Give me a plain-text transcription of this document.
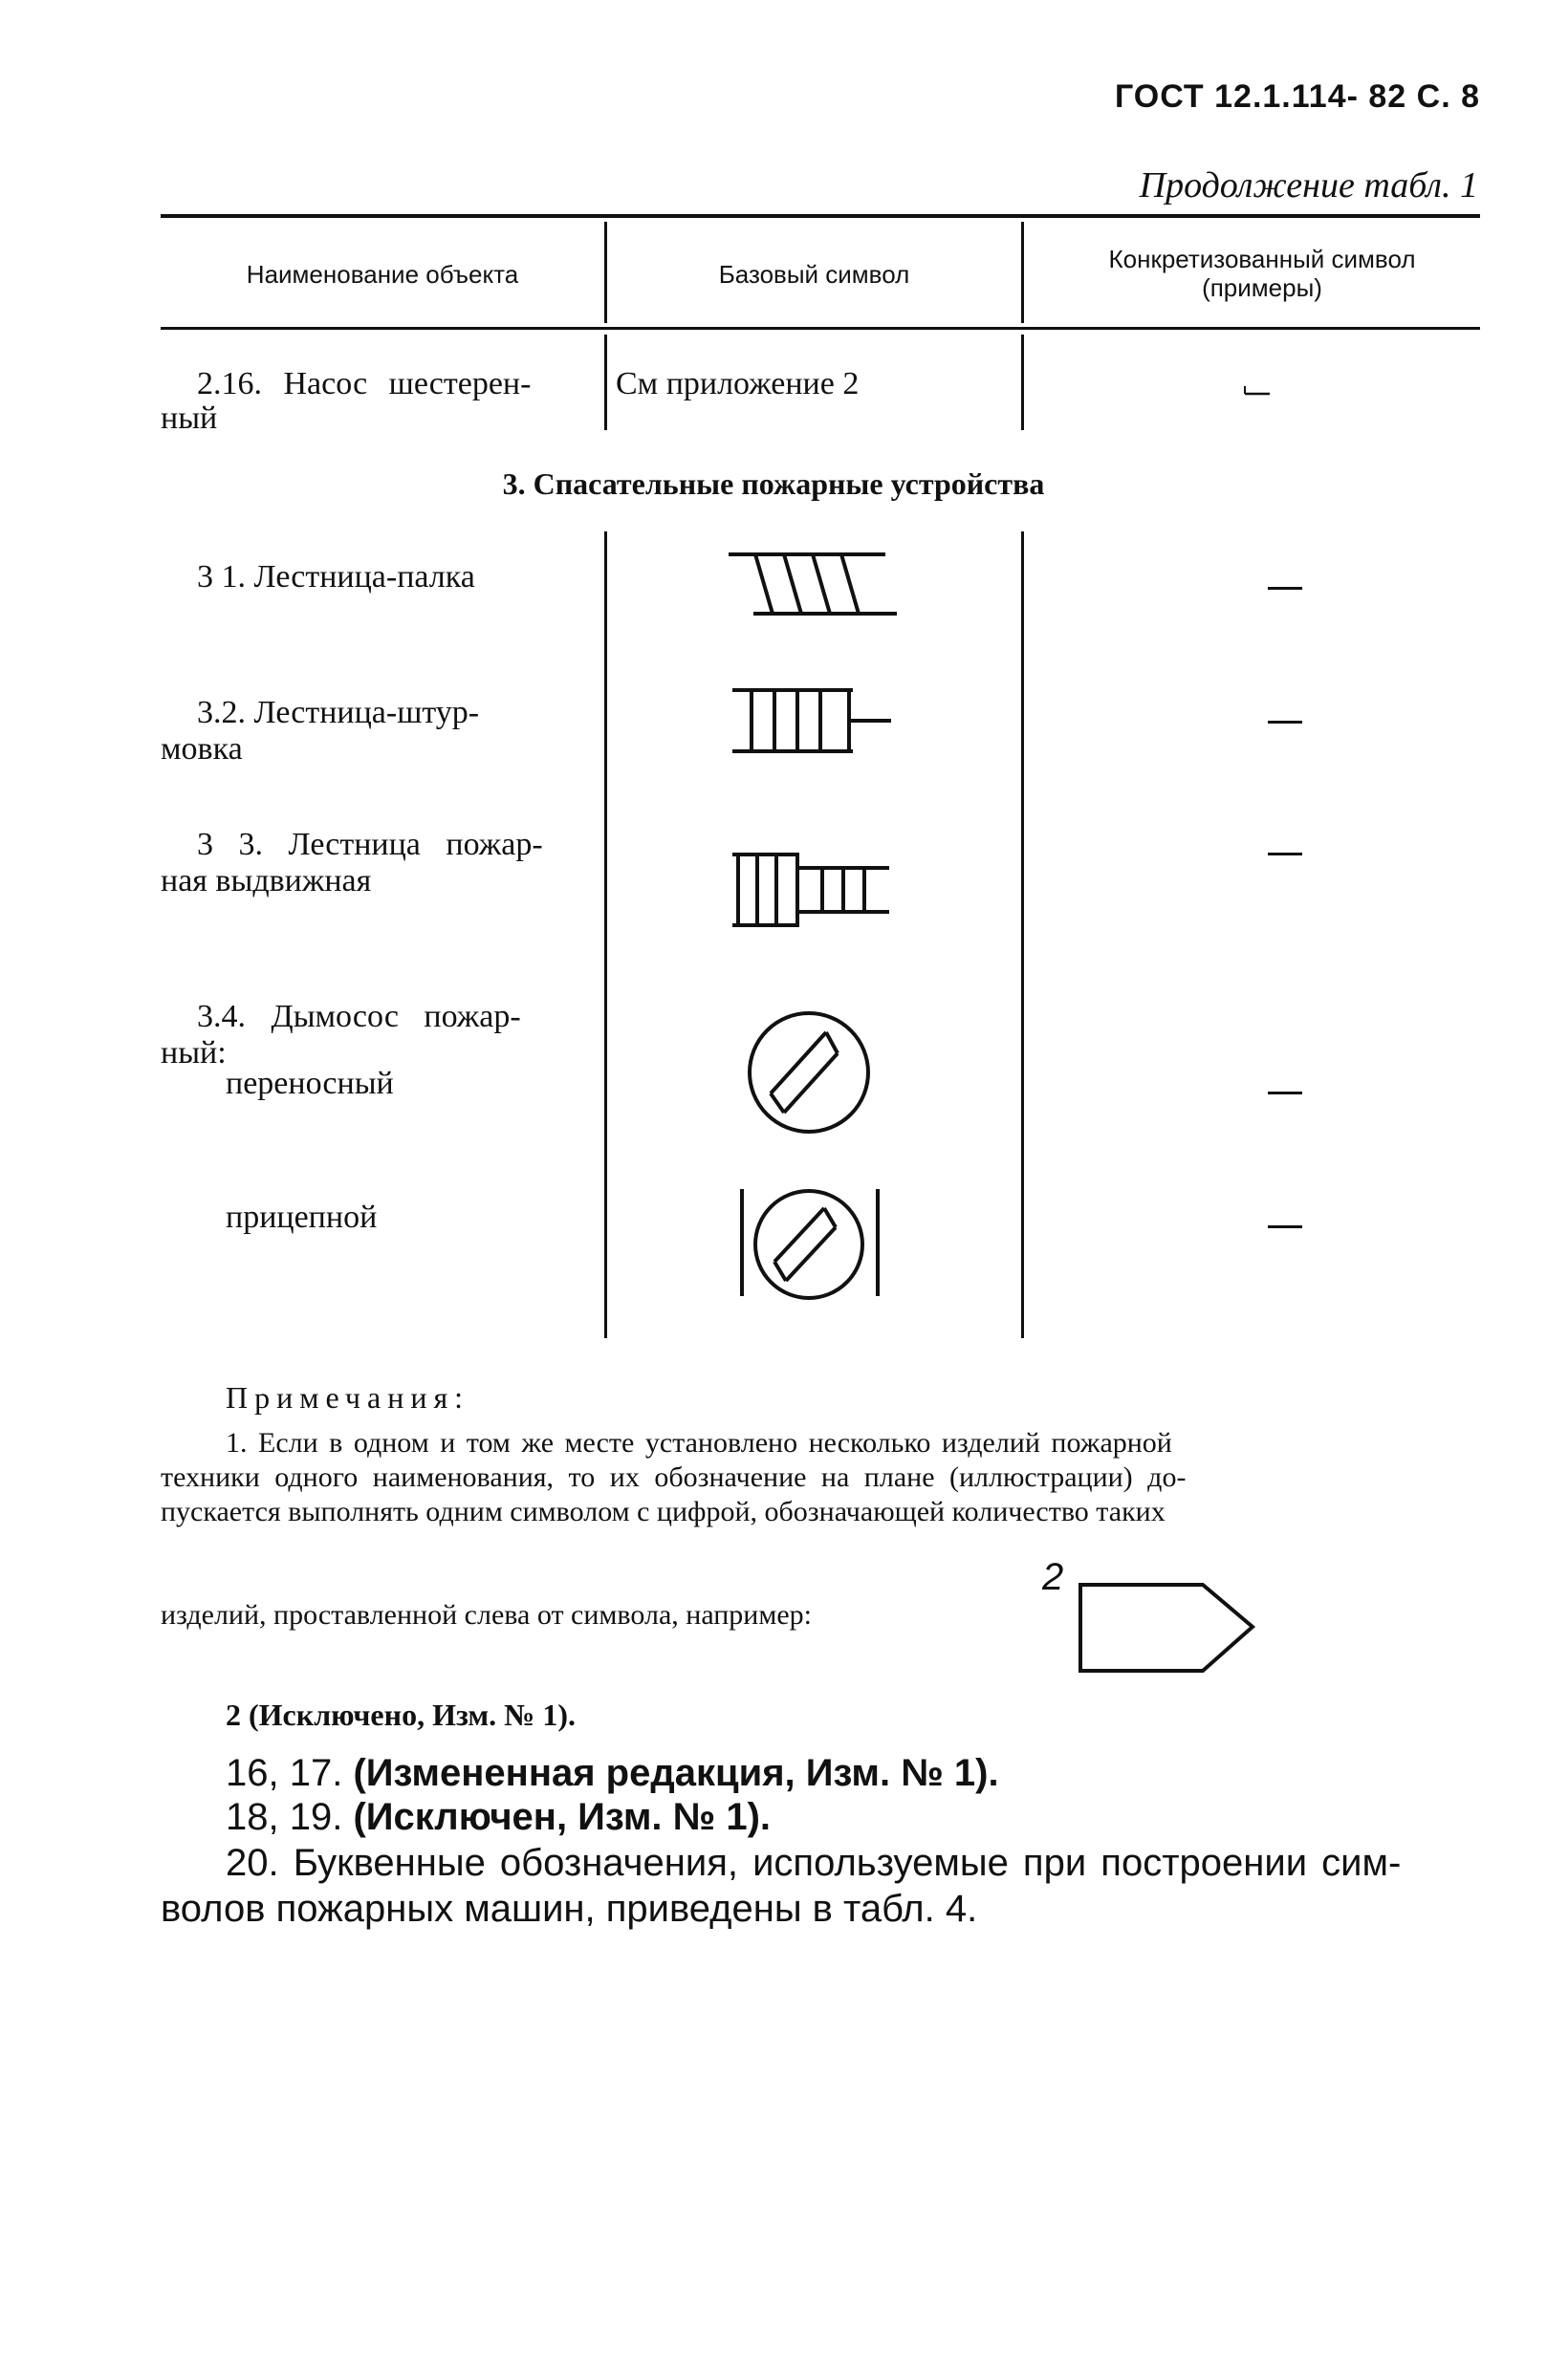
ГОСТ 12.1.114- 82 С. 8
Продолжение табл. 1
Наименование объекта	Базовый символ
Конкретизованный символ (примеры)
2.16. Насос шестерен-
ный
См приложение 2
3. Спасательные пожарные устройства
3 1. Лестница-палка
3.2. Лестница-штур-
мовка
3 3. Лестница пожар-
ная выдвижная
3.4. Дымосос пожар-
ный:
переносный
прицепной
Примечания:
1. Если в одном и том же месте установлено несколько изделий пожарной
техники одного наименования, то их обозначение на плане (иллюстрации) до-
пускается выполнять одним символом с цифрой, обозначающей количество таких
изделий, проставленной слева от символа, например:
2
2 (Исключено, Изм. № 1).
16, 17. (Измененная редакция, Изм. № 1).
18, 19. (Исключен, Изм. № 1).
20. Буквенные обозначения, используемые при построении сим-
волов пожарных машин, приведены в табл. 4.
